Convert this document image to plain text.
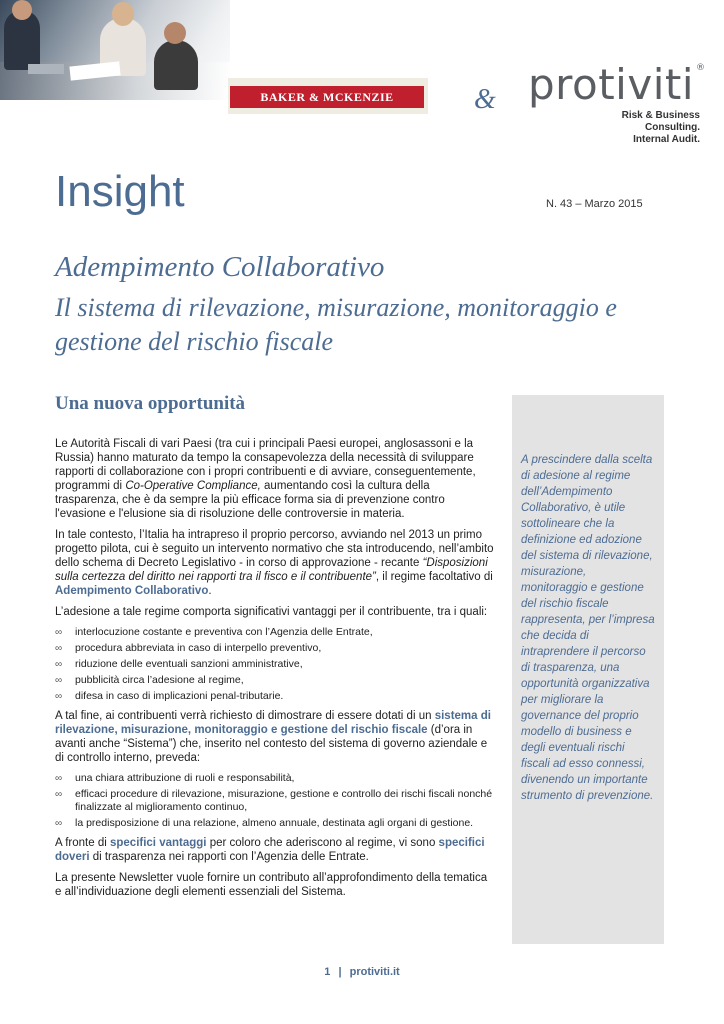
BAKER & MCKENZIE	& protiviti ®
Risk & Business Consulting.
Internal Audit.
Insight	N. 43 – Marzo 2015
Adempimento Collaborativo
Il sistema di rilevazione, misurazione, monitoraggio e gestione del rischio fiscale
Una nuova opportunità

Le Autorità Fiscali di vari Paesi (tra cui i principali Paesi europei, anglosassoni e la Russia) hanno maturato da tempo la consapevolezza della necessità di sviluppare rapporti di collaborazione con i propri contribuenti e di avviare, conseguentemente, programmi di Co-Operative Compliance, aumentando così la cultura della trasparenza, che è da sempre la più efficace forma sia di prevenzione contro l'evasione e l'elusione sia di risoluzione delle controversie in materia.

In tale contesto, l’Italia ha intrapreso il proprio percorso, avviando nel 2013 un primo progetto pilota, cui è seguito un intervento normativo che sta introducendo, nell’ambito dello schema di Decreto Legislativo - in corso di approvazione - recante “Disposizioni sulla certezza del diritto nei rapporti tra il fisco e il contribuente”, il regime facoltativo di Adempimento Collaborativo.

L’adesione a tale regime comporta significativi vantaggi per il contribuente, tra i quali:

∞ interlocuzione costante e preventiva con l’Agenzia delle Entrate,
∞ procedura abbreviata in caso di interpello preventivo,
∞ riduzione delle eventuali sanzioni amministrative,
∞ pubblicità circa l’adesione al regime,
∞ difesa in caso di implicazioni penal-tributarie.

A tal fine, ai contribuenti verrà richiesto di dimostrare di essere dotati di un sistema di rilevazione, misurazione, monitoraggio e gestione del rischio fiscale (d’ora in avanti anche “Sistema”) che, inserito nel contesto del sistema di governo aziendale e di controllo interno, preveda:

∞ una chiara attribuzione di ruoli e responsabilità,
∞ efficaci procedure di rilevazione, misurazione, gestione e controllo dei rischi fiscali nonché finalizzate al miglioramento continuo,
∞ la predisposizione di una relazione, almeno annuale, destinata agli organi di gestione.

A fronte di specifici vantaggi per coloro che aderiscono al regime, vi sono specifici doveri di trasparenza nei rapporti con l’Agenzia delle Entrate.

La presente Newsletter vuole fornire un contributo all’approfondimento della tematica e all’individuazione degli elementi essenziali del Sistema.

A prescindere dalla scelta di adesione al regime dell’Adempimento Collaborativo, è utile sottolineare che la definizione ed adozione del sistema di rilevazione, misurazione, monitoraggio e gestione del rischio fiscale rappresenta, per l’impresa che decida di intraprendere il percorso di trasparenza, una opportunità organizzativa per migliorare la governance del proprio modello di business e degli eventuali rischi fiscali ad esso connessi, divenendo un importante strumento di prevenzione.
1 | protiviti.it
